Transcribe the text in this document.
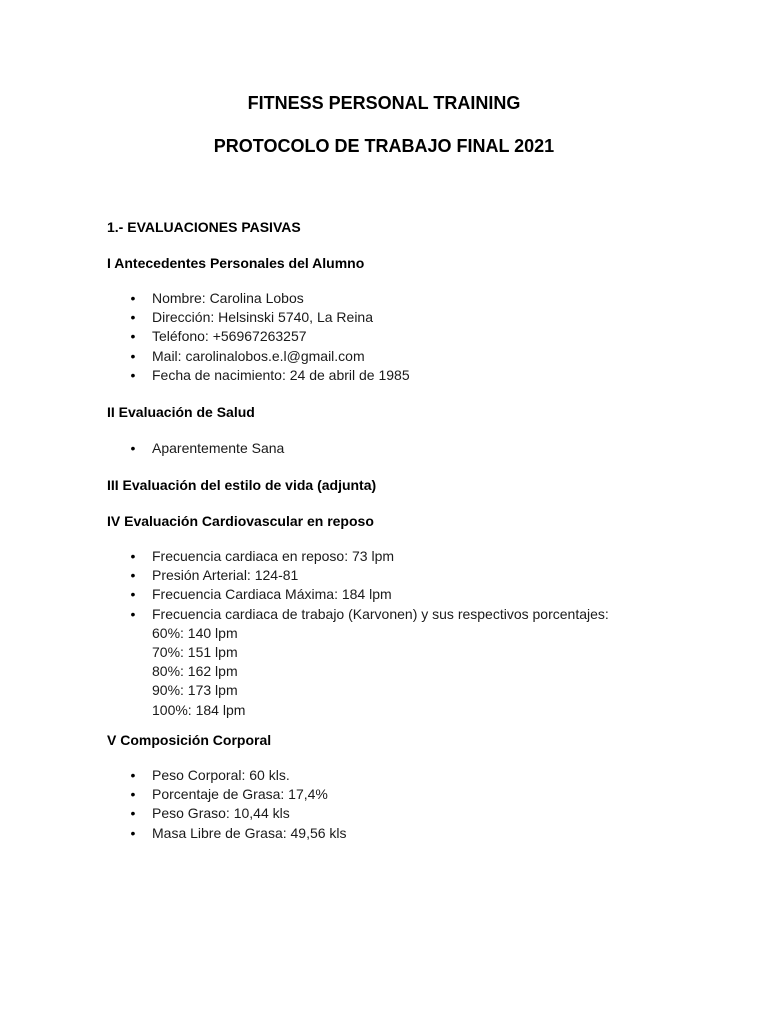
FITNESS PERSONAL TRAINING
PROTOCOLO DE TRABAJO FINAL 2021

1.- EVALUACIONES PASIVAS

I Antecedentes Personales del Alumno

• Nombre: Carolina Lobos
• Dirección: Helsinski 5740, La Reina
• Teléfono: +56967263257
• Mail: carolinalobos.e.l@gmail.com
• Fecha de nacimiento: 24 de abril de 1985

II Evaluación de Salud

• Aparentemente Sana

III Evaluación del estilo de vida (adjunta)

IV Evaluación Cardiovascular en reposo

• Frecuencia cardiaca en reposo: 73 lpm
• Presión Arterial: 124-81
• Frecuencia Cardiaca Máxima: 184 lpm
• Frecuencia cardiaca de trabajo (Karvonen) y sus respectivos porcentajes:
60%: 140 lpm
70%: 151 lpm
80%: 162 lpm
90%: 173 lpm
100%: 184 lpm

V Composición Corporal

• Peso Corporal: 60 kls.
• Porcentaje de Grasa: 17,4%
• Peso Graso: 10,44 kls
• Masa Libre de Grasa: 49,56 kls
